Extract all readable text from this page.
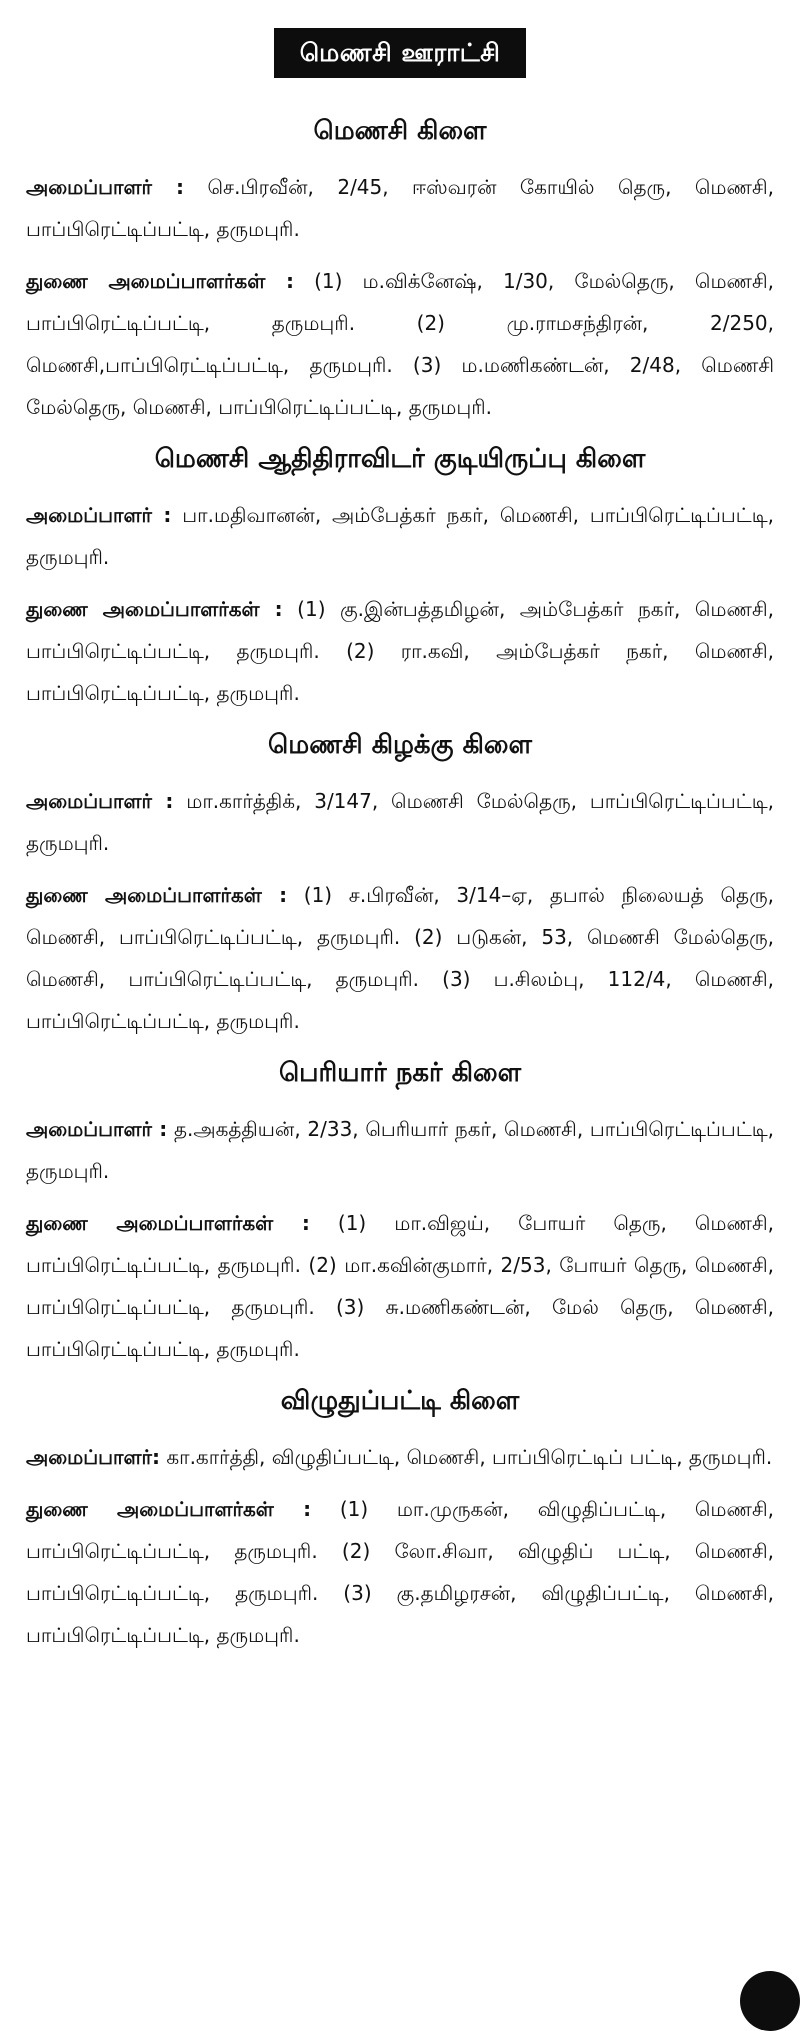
மெணசி ஊராட்சி
மெணசி கிளை

அமைப்பாளர் : செ.பிரவீன், 2/45, ஈஸ்வரன் கோயில் தெரு, மெணசி, பாப்பிரெட்டிப்பட்டி, தருமபுரி.

துணை அமைப்பாளர்கள் : (1) ம.விக்னேஷ், 1/30, மேல்தெரு, மெணசி, பாப்பிரெட்டிப்பட்டி, தருமபுரி. (2) மு.ராமசந்திரன், 2/250, மெணசி,பாப்பிரெட்டிப்பட்டி, தருமபுரி. (3) ம.மணிகண்டன், 2/48, மெணசி மேல்தெரு, மெணசி, பாப்பிரெட்டிப்பட்டி, தருமபுரி.

மெணசி ஆதிதிராவிடர் குடியிருப்பு கிளை

அமைப்பாளர் : பா.மதிவானன், அம்பேத்கர் நகர், மெணசி, பாப்பிரெட்டிப்பட்டி, தருமபுரி.

துணை அமைப்பாளர்கள் : (1) கு.இன்பத்தமிழன், அம்பேத்கர் நகர், மெணசி, பாப்பிரெட்டிப்பட்டி, தருமபுரி. (2) ரா.கவி, அம்பேத்கர் நகர், மெணசி, பாப்பிரெட்டிப்பட்டி, தருமபுரி.

மெணசி கிழக்கு கிளை

அமைப்பாளர் : மா.கார்த்திக், 3/147, மெணசி மேல்தெரு, பாப்பிரெட்டிப்பட்டி, தருமபுரி.

துணை அமைப்பாளர்கள் : (1) ச.பிரவீன், 3/14–ஏ, தபால் நிலையத் தெரு, மெணசி, பாப்பிரெட்டிப்பட்டி, தருமபுரி. (2) படுகன், 53, மெணசி மேல்தெரு, மெணசி, பாப்பிரெட்டிப்பட்டி, தருமபுரி. (3) ப.சிலம்பு, 112/4, மெணசி, பாப்பிரெட்டிப்பட்டி, தருமபுரி.

பெரியார் நகர் கிளை

அமைப்பாளர் : த.அகத்தியன், 2/33, பெரியார் நகர், மெணசி, பாப்பிரெட்டிப்பட்டி, தருமபுரி.

துணை அமைப்பாளர்கள் : (1) மா.விஜய், போயர் தெரு, மெணசி, பாப்பிரெட்டிப்பட்டி, தருமபுரி. (2) மா.கவின்குமார், 2/53, போயர் தெரு, மெணசி, பாப்பிரெட்டிப்பட்டி, தருமபுரி. (3) சு.மணிகண்டன், மேல் தெரு, மெணசி, பாப்பிரெட்டிப்பட்டி, தருமபுரி.

விழுதுப்பட்டி கிளை

அமைப்பாளர்: கா.கார்த்தி, விழுதிப்பட்டி, மெணசி, பாப்பிரெட்டிப் பட்டி, தருமபுரி.

துணை அமைப்பாளர்கள் : (1) மா.முருகன், விழுதிப்பட்டி, மெணசி, பாப்பிரெட்டிப்பட்டி, தருமபுரி. (2) லோ.சிவா, விழுதிப் பட்டி, மெணசி, பாப்பிரெட்டிப்பட்டி, தருமபுரி. (3) கு.தமிழரசன், விழுதிப்பட்டி, மெணசி, பாப்பிரெட்டிப்பட்டி, தருமபுரி.
